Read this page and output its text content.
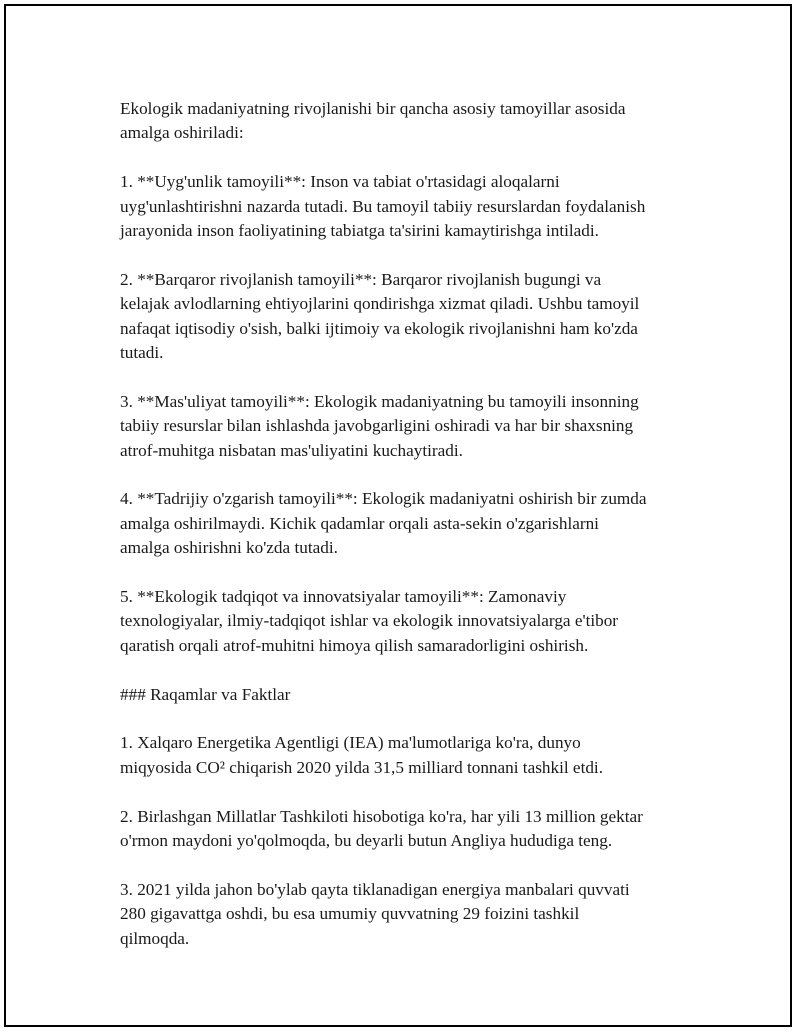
Ekologik madaniyatning rivojlanishi bir qancha asosiy tamoyillar asosida
amalga oshiriladi:

1. **Uyg'unlik tamoyili**: Inson va tabiat o'rtasidagi aloqalarni
uyg'unlashtirishni nazarda tutadi. Bu tamoyil tabiiy resurslardan foydalanish
jarayonida inson faoliyatining tabiatga ta'sirini kamaytirishga intiladi.

2. **Barqaror rivojlanish tamoyili**: Barqaror rivojlanish bugungi va
kelajak avlodlarning ehtiyojlarini qondirishga xizmat qiladi. Ushbu tamoyil
nafaqat iqtisodiy o'sish, balki ijtimoiy va ekologik rivojlanishni ham ko'zda
tutadi.

3. **Mas'uliyat tamoyili**: Ekologik madaniyatning bu tamoyili insonning
tabiiy resurslar bilan ishlashda javobgarligini oshiradi va har bir shaxsning
atrof-muhitga nisbatan mas'uliyatini kuchaytiradi.

4. **Tadrijiy o'zgarish tamoyili**: Ekologik madaniyatni oshirish bir zumda
amalga oshirilmaydi. Kichik qadamlar orqali asta-sekin o'zgarishlarni
amalga oshirishni ko'zda tutadi.

5. **Ekologik tadqiqot va innovatsiyalar tamoyili**: Zamonaviy
texnologiyalar, ilmiy-tadqiqot ishlar va ekologik innovatsiyalarga e'tibor
qaratish orqali atrof-muhitni himoya qilish samaradorligini oshirish.

### Raqamlar va Faktlar

1. Xalqaro Energetika Agentligi (IEA) ma'lumotlariga ko'ra, dunyo
miqyosida CO² chiqarish 2020 yilda 31,5 milliard tonnani tashkil etdi.

2. Birlashgan Millatlar Tashkiloti hisobotiga ko'ra, har yili 13 million gektar
o'rmon maydoni yo'qolmoqda, bu deyarli butun Angliya hududiga teng.

3. 2021 yilda jahon bo'ylab qayta tiklanadigan energiya manbalari quvvati
280 gigavattga oshdi, bu esa umumiy quvvatning 29 foizini tashkil
qilmoqda.
